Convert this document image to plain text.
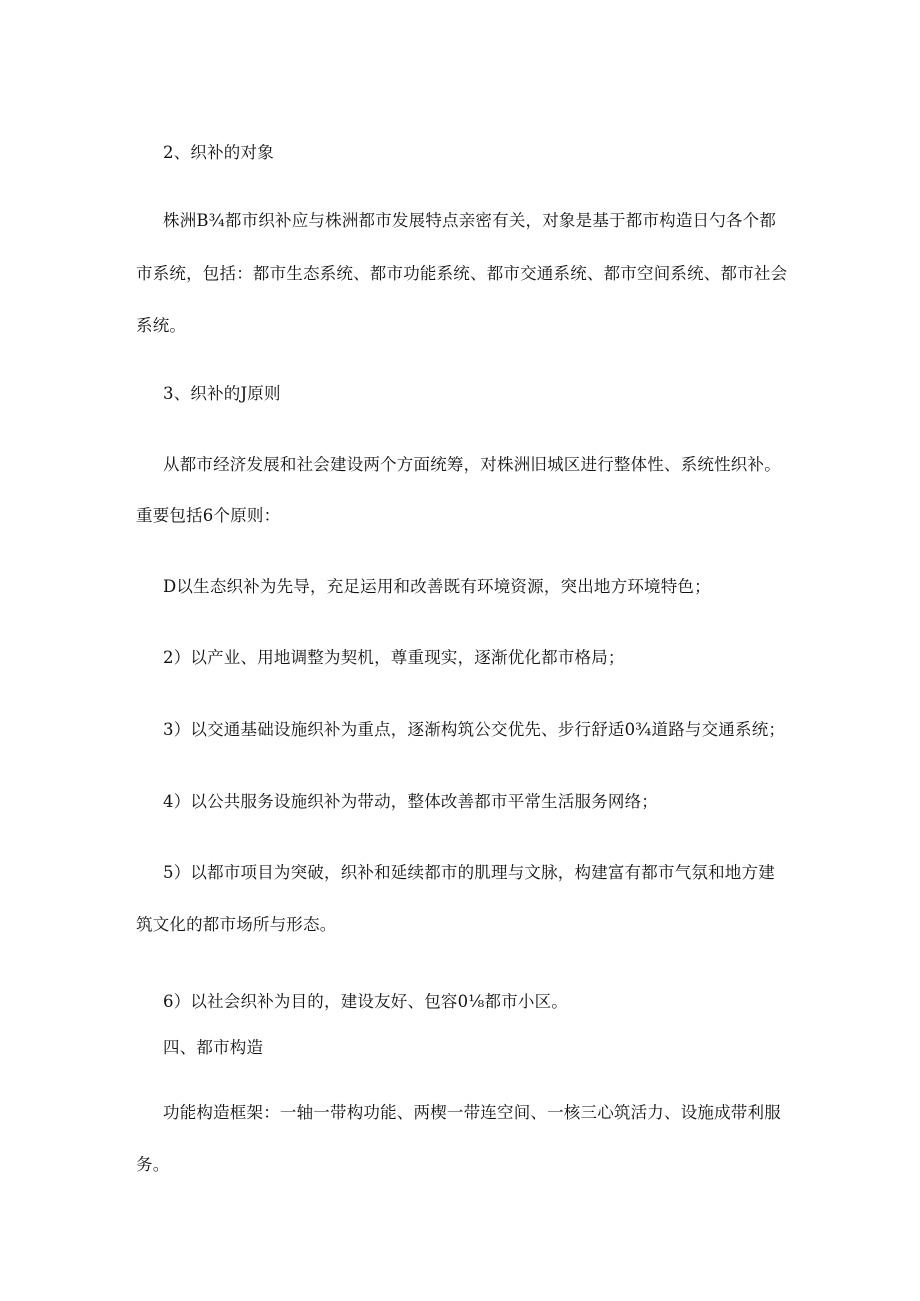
2、织补的对象
株洲B¾都市织补应与株洲都市发展特点亲密有关，对象是基于都市构造日勺各个都
市系统，包括：都市生态系统、都市功能系统、都市交通系统、都市空间系统、都市社会
系统。
3、织补的J原则
从都市经济发展和社会建设两个方面统筹，对株洲旧城区进行整体性、系统性织补。
重要包括6个原则：
D以生态织补为先导，充足运用和改善既有环境资源，突出地方环境特色；
2）以产业、用地调整为契机，尊重现实，逐渐优化都市格局；
3）以交通基础设施织补为重点，逐渐构筑公交优先、步行舒适0¾道路与交通系统；
4）以公共服务设施织补为带动，整体改善都市平常生活服务网络；
5）以都市项目为突破，织补和延续都市的肌理与文脉，构建富有都市气氛和地方建
筑文化的都市场所与形态。
6）以社会织补为目的，建设友好、包容0⅛都市小区。
四、都市构造
功能构造框架：一轴一带构功能、两楔一带连空间、一核三心筑活力、设施成带利服
务。
